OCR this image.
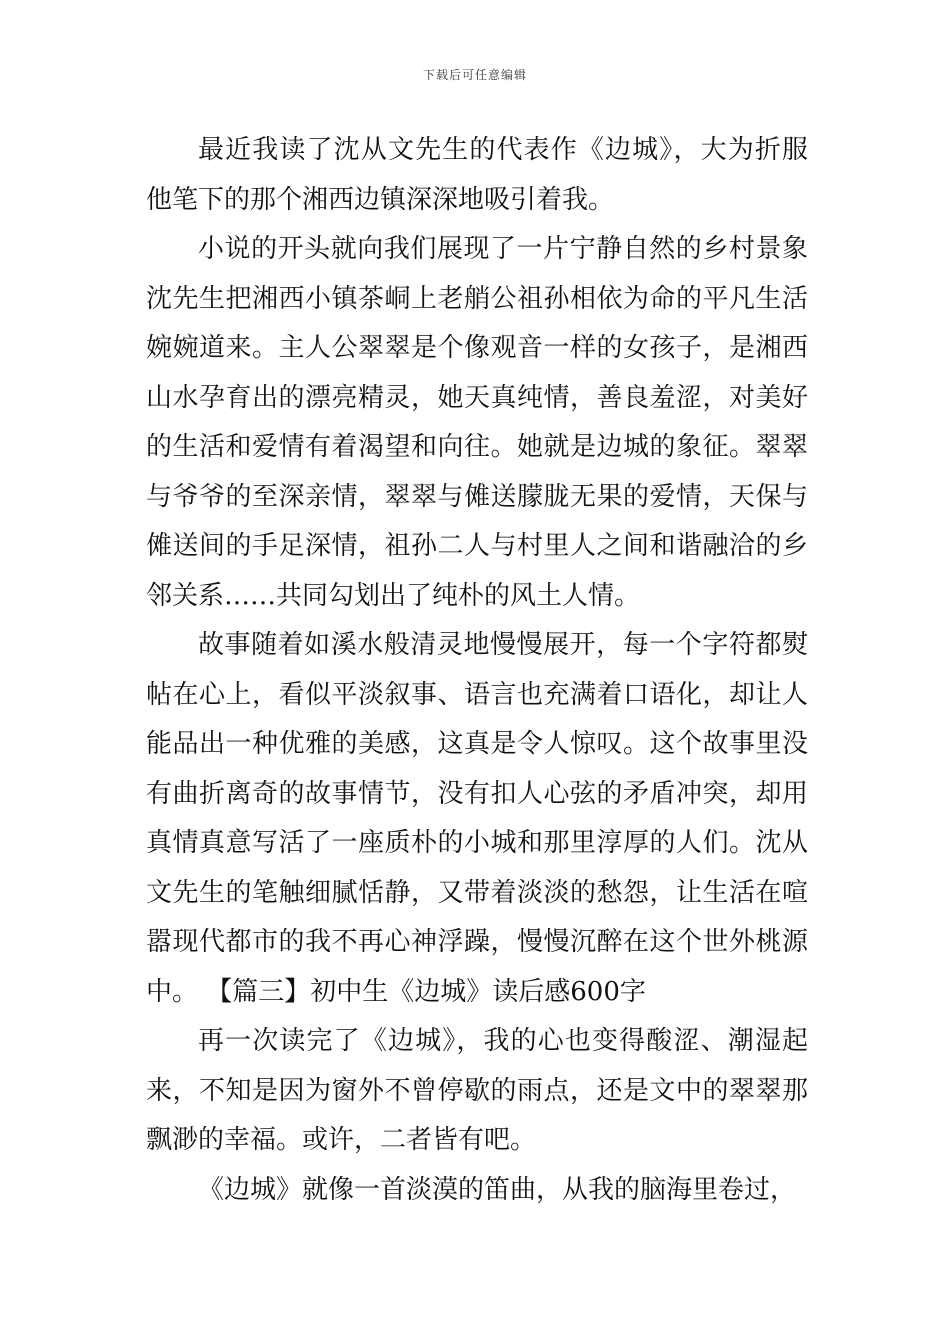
下载后可任意编辑

最近我读了沈从文先生的代表作《边城》，大为折服他笔下的那个湘西边镇深深地吸引着我。

小说的开头就向我们展现了一片宁静自然的乡村景象沈先生把湘西小镇茶峒上老艄公祖孙相依为命的平凡生活婉婉道来。主人公翠翠是个像观音一样的女孩子，是湘西山水孕育出的漂亮精灵，她天真纯情，善良羞涩，对美好的生活和爱情有着渴望和向往。她就是边城的象征。翠翠与爷爷的至深亲情，翠翠与傩送朦胧无果的爱情，天保与傩送间的手足深情，祖孙二人与村里人之间和谐融洽的乡邻关系……共同勾划出了纯朴的风土人情。

故事随着如溪水般清灵地慢慢展开，每一个字符都熨帖在心上，看似平淡叙事、语言也充满着口语化，却让人能品出一种优雅的美感，这真是令人惊叹。这个故事里没有曲折离奇的故事情节，没有扣人心弦的矛盾冲突，却用真情真意写活了一座质朴的小城和那里淳厚的人们。沈从文先生的笔触细腻恬静，又带着淡淡的愁怨，让生活在喧嚣现代都市的我不再心神浮躁，慢慢沉醉在这个世外桃源中。 【篇三】初中生《边城》读后感600字

再一次读完了《边城》，我的心也变得酸涩、潮湿起来，不知是因为窗外不曾停歇的雨点，还是文中的翠翠那飘渺的幸福。或许，二者皆有吧。

《边城》就像一首淡漠的笛曲，从我的脑海里卷过，
